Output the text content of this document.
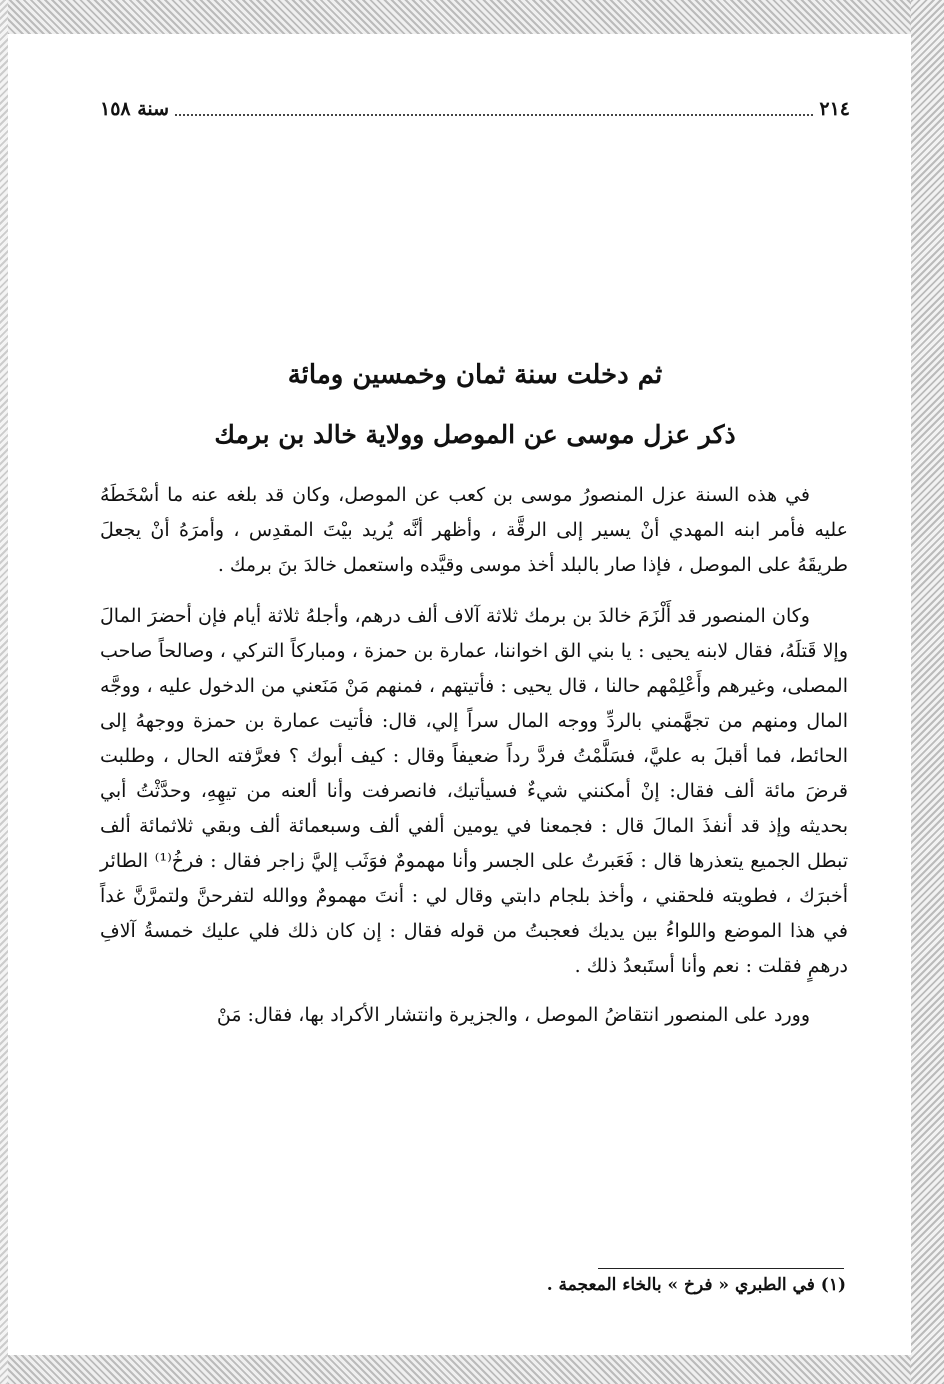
٢١٤
سنة ١٥٨
ثم دخلت سنة ثمان وخمسين ومائة
ذكر عزل موسى عن الموصل وولاية خالد بن برمك

في هذه السنة عزل المنصورُ موسى بن كعب عن الموصل، وكان قد بلغه عنه ما أسْخَطَهُ عليه فأمر ابنه المهدي أنْ يسير إلى الرقَّة ، وأظهر أنَّه يُريد بيْتَ المقدِس ، وأمرَهُ أنْ يجعلَ طريقَهُ على الموصل ، فإذا صار بالبلد أخذ موسى وقيَّده واستعمل خالدَ بنَ برمك .

وكان المنصور قد أَلْزَمَ خالدَ بن برمك ثلاثة آلاف ألف درهم، وأجلهُ ثلاثة أيام فإن أحضرَ المالَ وإلا قَتلَهُ، فقال لابنه يحيى : يا بني الق اخواننا، عمارة بن حمزة ، ومباركاً التركي ، وصالحاً صاحب المصلى، وغيرهم وأَعْلِمْهم حالنا ، قال يحيى : فأتيتهم ، فمنهم مَنْ مَنَعني من الدخول عليه ، ووجَّه المال ومنهم من تجهَّمني بالردِّ ووجه المال سراً إلي، قال: فأتيت عمارة بن حمزة ووجههُ إلى الحائط، فما أقبلَ به عليَّ، فسَلَّمْتُ فردَّ رداً ضعيفاً وقال : كيف أبوك ؟ فعرَّفته الحال ، وطلبت قرضَ مائة ألف فقال: إنْ أمكنني شيءٌ فسيأتيك، فانصرفت وأنا ألعنه من تيهِهِ، وحدَّثْتُ أبي بحديثه وإذ قد أنفذَ المالَ قال : فجمعنا في يومين ألفي ألف وسبعمائة ألف وبقي ثلاثمائة ألف تبطل الجميع يتعذرها قال : فَعَبرتُ على الجسر وأنا مهمومٌ فوَثَب إليَّ زاجر فقال : فرخُ⁽¹⁾ الطائر أخبرَك ، فطويته فلحقني ، وأخذ بلجام دابتي وقال لي : أنتَ مهمومٌ ووالله لتفرحنَّ ولتمرَّنَّ غداً في هذا الموضع واللواءُ بين يديك فعجبتُ من قوله فقال : إن كان ذلك فلي عليك خمسةُ آلافِ درهمٍ فقلت : نعم وأنا أستَبعدُ ذلك .

وورد على المنصور انتقاضُ الموصل ، والجزيرة وانتشار الأكراد بها، فقال: مَنْ

(١) في الطبري « فرخ » بالخاء المعجمة .
